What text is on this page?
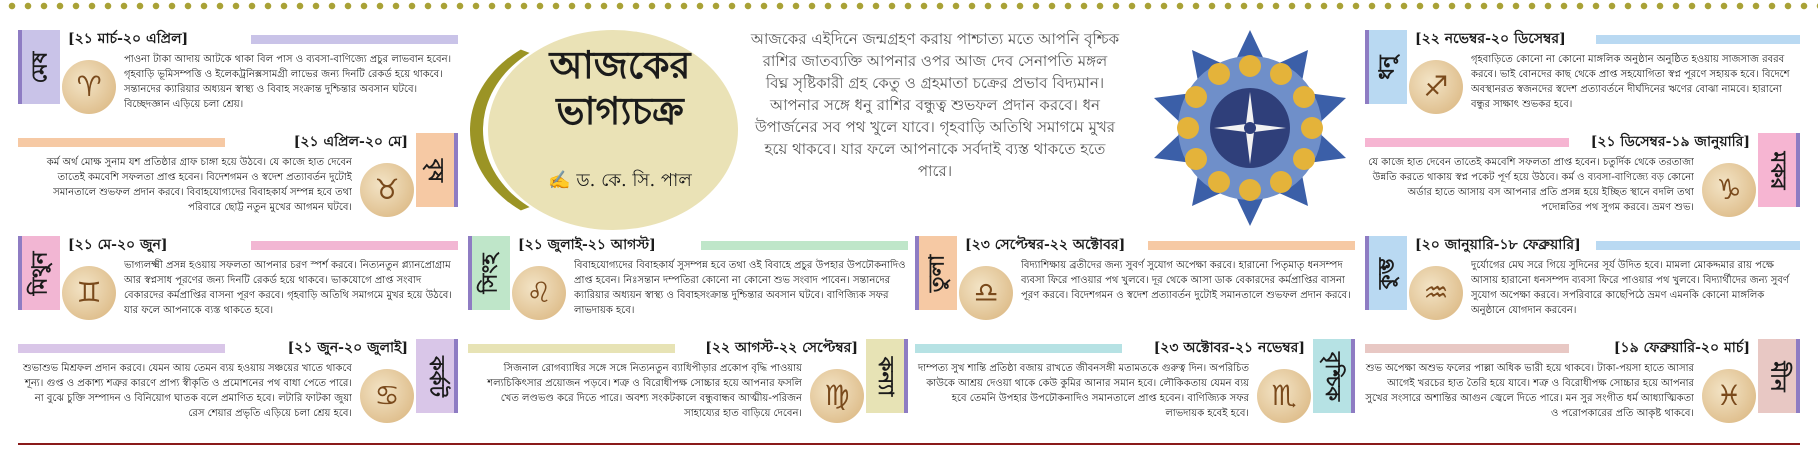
আজকের ভাগ্যচক্র
✍ ড. কে. সি. পাল
আজকের এইদিনে জন্মগ্রহণ করায় পাশ্চাত্য মতে আপনি বৃশ্চিক রাশির জাতব্যক্তি আপনার ওপর আজ দেব সেনাপতি মঙ্গল বিঘ্ন সৃষ্টিকারী গ্রহ কেতু ও গ্রহমাতা চক্রের প্রভাব বিদ্যমান। আপনার সঙ্গে ধনু রাশির বন্ধুত্ব শুভফল প্রদান করবে। ধন উপার্জনের সব পথ খুলে যাবে। গৃহবাড়ি অতিথি সমাগমে মুখর হয়ে থাকবে। যার ফলে আপনাকে সর্বদাই ব্যস্ত থাকতে হতে পারে।
মেষ
[২১ মার্চ-২০ এপ্রিল]
♈
পাওনা টাকা আদায় আটকে থাকা বিল পাস ও ব্যবসা-বাণিজ্যে প্রচুর লাভবান হবেন। গৃহবাড়ি ভূমিসম্পত্তি ও ইলেকট্রনিক্সসামগ্রী লাভের জন্য দিনটি রেকর্ড হয়ে থাকবে। সন্তানদের ক্যারিয়ার অধ্যয়ন স্বাস্থ্য ও বিবাহ সংক্রান্ত দুশ্চিন্তার অবসান ঘটবে। বিচ্ছেদজ্ঞান এড়িয়ে চলা শ্রেয়।
বৃষ
[২১ এপ্রিল-২০ মে]
♉
কর্ম অর্থ মোক্ষ সুনাম যশ প্রতিষ্ঠার গ্রাফ চাঙ্গা হয়ে উঠবে। যে কাজে হাত দেবেন তাতেই কমবেশি সফলতা প্রাপ্ত হবেন। বিদেশগমন ও স্বদেশ প্রত্যাবর্তন দুটোই সমানতালে শুভফল প্রদান করবে। বিবাহযোগ্যদের বিবাহকার্য সম্পন্ন হবে তথা পরিবারে ছোট্ট নতুন মুখের আগমন ঘটবে।
মিথুন
[২১ মে-২০ জুন]
♊
ভাগ্যলক্ষ্মী প্রসন্ন হওয়ায় সফলতা আপনার চরণ স্পর্শ করবে। নিত্যনতুন প্ল্যানপ্রোগ্রাম আর স্বপ্নসাধ পূরণের জন্য দিনটি রেকর্ড হয়ে থাকবে। ভাকযোগে প্রাপ্ত সংবাদ বেকারদের কর্মপ্রাপ্তির বাসনা পূরণ করবে। গৃহবাড়ি অতিথি সমাগমে মুখর হয়ে উঠবে। যার ফলে আপনাকে ব্যস্ত থাকতে হবে।
কর্কট
[২১ জুন-২০ জুলাই]
♋
শুভাশুভ মিশ্রফল প্রদান করবে। যেমন আয় তেমন ব্যয় হওয়ায় সঞ্চয়ের খাতে থাকবে শূন্য। গুপ্ত ও প্রকাশ্য শত্রুর কারণে প্রাপ্য স্বীকৃতি ও প্রমোশনের পথ বাধা পেতে পারে। না বুঝে চুক্তি সম্পাদন ও বিনিয়োগ ঘাতক বলে প্রমাণিত হবে। লটারি ফাটকা জুয়া রেস শেয়ার প্রভৃতি এড়িয়ে চলা শ্রেয় হবে।
সিংহ
[২১ জুলাই-২১ আগস্ট]
♌
বিবাহযোগ্যদের বিবাহকার্য সুসম্পন্ন হবে তথা ওই বিবাহে প্রচুর উপহার উপঢৌকনাদিও প্রাপ্ত হবেন। নিঃসন্তান দম্পতিরা কোনো না কোনো শুভ সংবাদ পাবেন। সন্তানদের ক্যারিয়ার অধ্যয়ন স্বাস্থ্য ও বিবাহসংক্রান্ত দুশ্চিন্তার অবসান ঘটবে। বাণিজ্যিক সফর লাভদায়ক হবে।
কন্যা
[২২ আগস্ট-২২ সেপ্টেম্বর]
♍
সিজনাল রোগব্যাধির সঙ্গে সঙ্গে নিত্যনতুন ব্যাধিপীড়ার প্রকোপ বৃদ্ধি পাওয়ায় শল্যচিকিৎসার প্রয়োজন পড়বে। শত্রু ও বিরোধীপক্ষ সোচ্চার হয়ে আপনার ফসলি খেত লণ্ডভণ্ড করে দিতে পারে। অবশ্য সংকটকালে বন্ধুবান্ধব আত্মীয়-পরিজন সাহায্যের হাত বাড়িয়ে দেবেন।
তুলা
[২৩ সেপ্টেম্বর-২২ অক্টোবর]
♎
বিদ্যাশিক্ষায় ব্রতীদের জন্য সুবর্ণ সুযোগ অপেক্ষা করবে। হারানো পিতৃমাতৃ ধনসম্পদ ব্যবসা ফিরে পাওয়ার পথ খুলবে। দূর থেকে আসা ডাক বেকারদের কর্মপ্রাপ্তির বাসনা পূরণ করবে। বিদেশগমন ও স্বদেশ প্রত্যাবর্তন দুটোই সমানতালে শুভফল প্রদান করবে।
বৃশ্চিক
[২৩ অক্টোবর-২১ নভেম্বর]
♏
দাম্পত্য সুখ শান্তি প্রতিষ্ঠা বজায় রাখতে জীবনসঙ্গী মতামতকে গুরুত্ব দিন। অপরিচিত কাউকে আশ্রয় দেওয়া থাকে কেউ কুমির আনার সমান হবে। লৌকিকতায় যেমন ব্যয় হবে তেমনি উপহার উপঢৌকনাদিও সমানতালে প্রাপ্ত হবেন। বাণিজ্যিক সফর লাভদায়ক হবেই হবে।
ধনু
[২২ নভেম্বর-২০ ডিসেম্বর]
♐
গৃহবাড়িতে কোনো না কোনো মাঙ্গলিক অনুষ্ঠান অনুষ্ঠিত হওয়ায় সাজসাজ রবরব করবে। ভাই বোনদের কাছ থেকে প্রাপ্ত সহযোগিতা স্বপ্ন পূরণে সহায়ক হবে। বিদেশে অবস্থানরত স্বজনদের স্বদেশ প্রত্যাবর্তনে দীর্ঘদিনের ঋণের বোঝা নামবে। হারানো বন্ধুর সাক্ষাৎ শুভকর হবে।
মকর
[২১ ডিসেম্বর-১৯ জানুয়ারি]
♑
যে কাজে হাত দেবেন তাতেই কমবেশি সফলতা প্রাপ্ত হবেন। চতুর্দিক থেকে তরতাজা উন্নতি করতে থাকায় স্বপ্ন পকেট পূর্ণ হয়ে উঠবে। কর্ম ও ব্যবসা-বাণিজ্যে বড় কোনো অর্ডার হাতে আসায় বস আপনার প্রতি প্রসন্ন হয়ে ইচ্ছিত স্থানে বদলি তথা পদোন্নতির পথ সুগম করবে। ভ্রমণ শুভ।
কুম্ভ
[২০ জানুয়ারি-১৮ ফেব্রুয়ারি]
♒
দুর্যোগের মেঘ সরে গিয়ে সুদিনের সূর্য উদিত হবে। মামলা মোকদ্দমার রায় পক্ষে আসায় হারানো ধনসম্পদ ব্যবসা ফিরে পাওয়ার পথ খুলবে। বিদ্যার্থীদের জন্য সুবর্ণ সুযোগ অপেক্ষা করবে। সপরিবারে কাছেপিঠে ভ্রমণ এমনকি কোনো মাঙ্গলিক অনুষ্ঠানে যোগদান করবেন।
মীন
[১৯ ফেব্রুয়ারি-২০ মার্চ]
♓
শুভ অপেক্ষা অশুভ ফলের পাল্লা অধিক ভারী হয়ে থাকবে। টাকা-পয়সা হাতে আসার আগেই খরচের হাত তৈরি হয়ে যাবে। শত্রু ও বিরোধীপক্ষ সোচ্চার হয়ে আপনার সুখের সংসারে অশান্তির আগুন জ্বেলে দিতে পারে। মন সুর সংগীত ধর্ম আধ্যাত্মিকতা ও পরোপকারের প্রতি আকৃষ্ট থাকবে।
